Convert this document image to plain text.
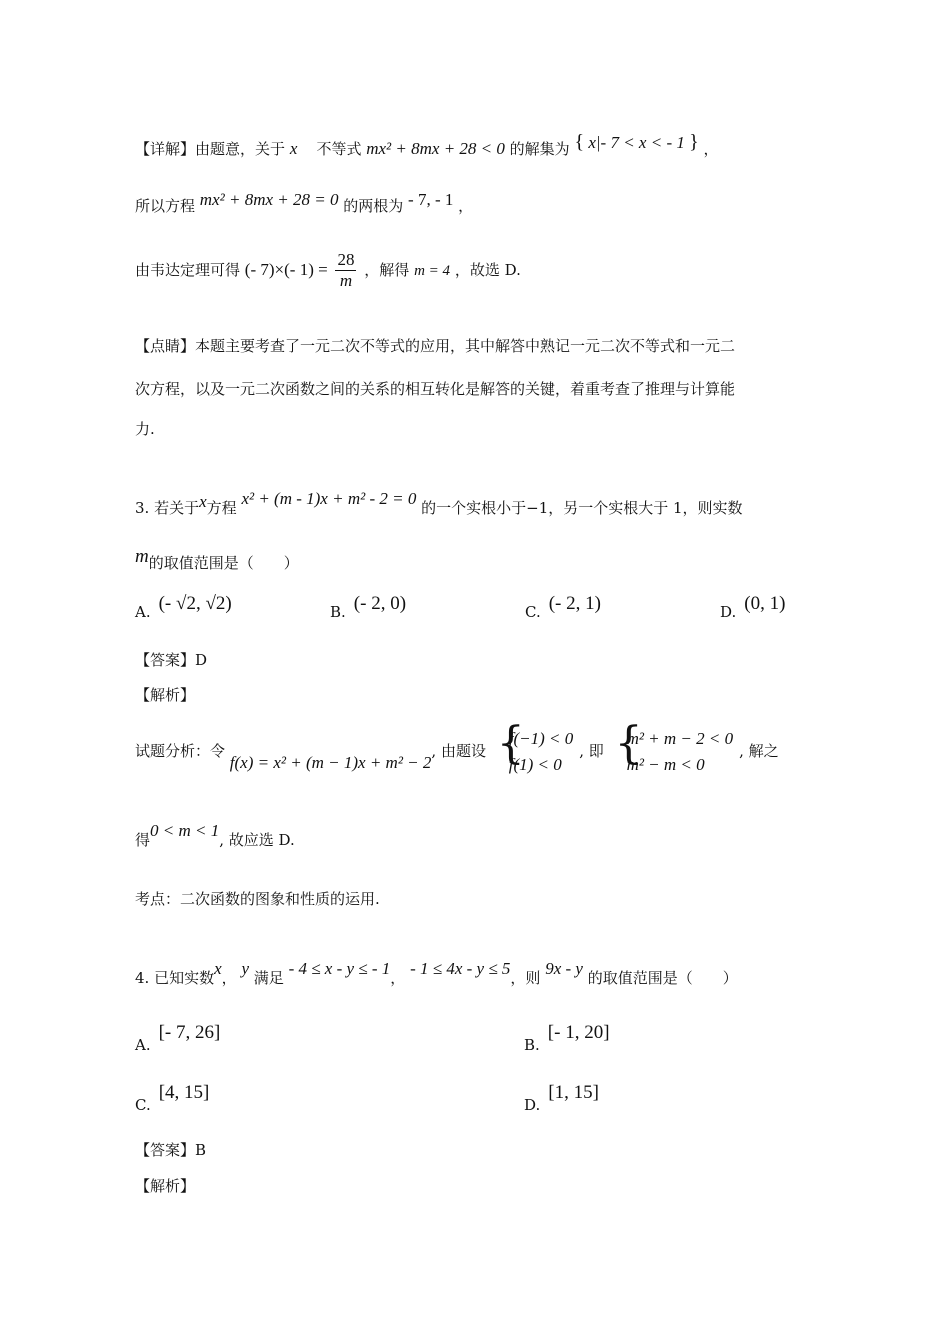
【详解】由题意，关于 x 不等式 mx² + 8mx + 28 < 0 的解集为 { x|- 7 < x < - 1 } ，
所以方程 mx² + 8mx + 28 = 0 的两根为 - 7, - 1 ，
由韦达定理可得 (- 7)×(- $1) = \frac{28}{m}$ ，解得 m = 4 ，故选 D.
【点睛】本题主要考查了一元二次不等式的应用，其中解答中熟记一元二次不等式和一元二
次方程，以及一元二次函数之间的关系的相互转化是解答的关键，着重考查了推理与计算能
力.
3. 若关于x方程 x² + (m - 1)x + m² - 2 = 0 的一个实根小于−1，另一个实根大于 1，则实数
m的取值范围是（　　）
A. (- √2, √2)	B. (- 2, 0)	C. (- 2, 1)	D. (0, 1)
【答案】D
【解析】
试题分析：令 f(x) = x² + (m − 1)x + m² − 2, 由题设 {
f(−1) < 0
f(1) < 0
, 即 {
m² + m − 2 < 0
m² − m < 0
, 解之
得0 < m < 1, 故应选 D.
考点：二次函数的图象和性质的运用.
4. 已知实数x， y 满足 - 4 ≤ x - y ≤ - 1， - 1 ≤ 4x - y ≤ 5，则 9x - y 的取值范围是（　　）
A.[- 7, 26]
B.[- 1, 20]
C.[4, 15]
D.[1, 15]
【答案】B
【解析】
